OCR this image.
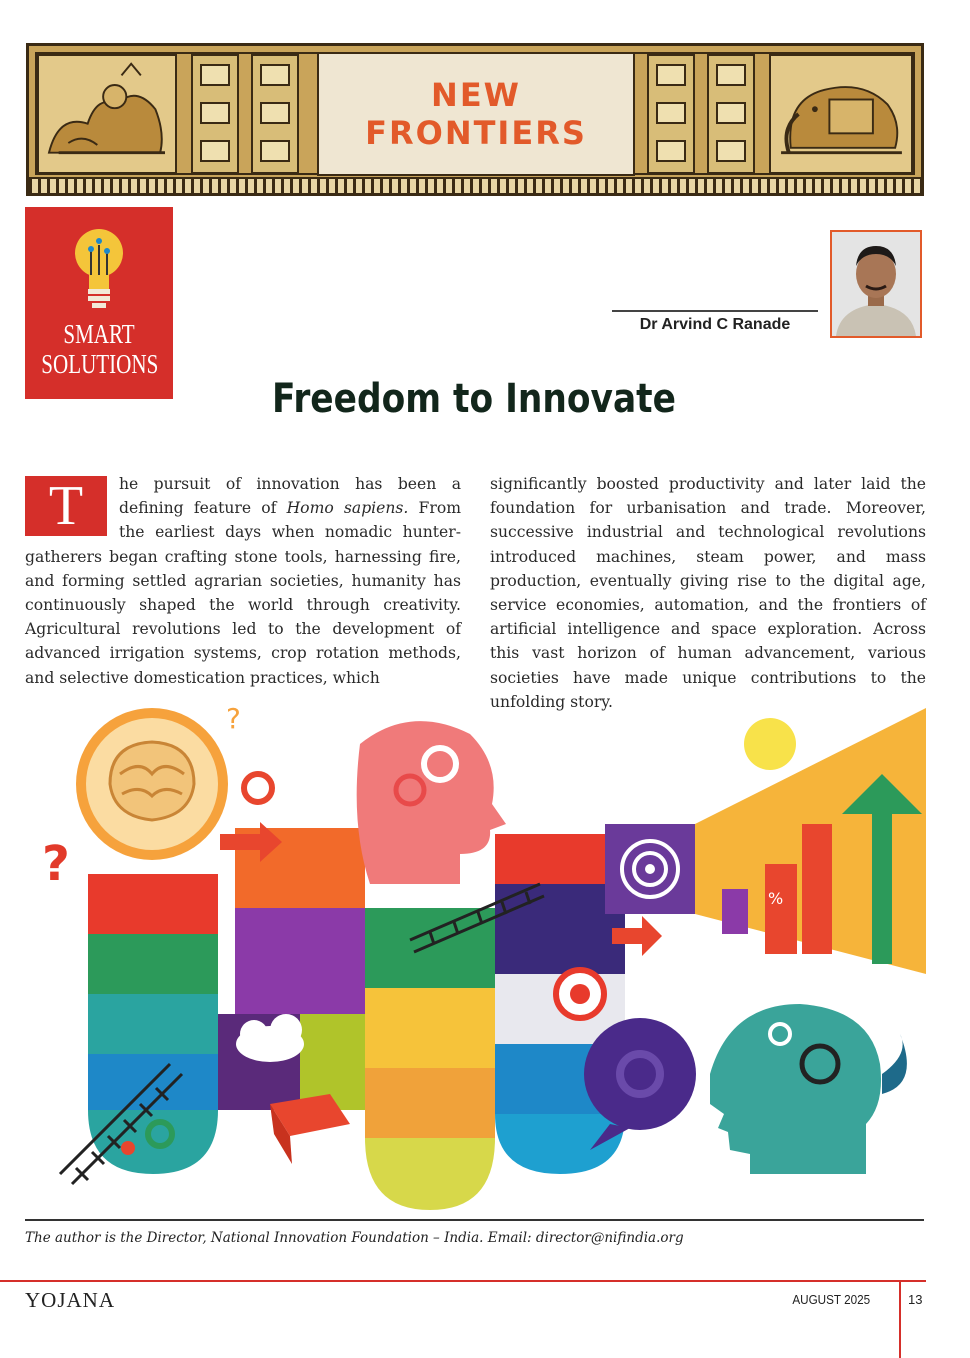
NEW
FRONTIERS
SMART
SOLUTIONS
Dr Arvind C Ranade
Freedom to Innovate
T	he pursuit of innovation has been a defining feature of Homo sapiens. From the earliest days when nomadic hunter-gatherers began crafting stone tools, harnessing fire, and forming settled agrarian societies, humanity has continuously shaped the world through creativity. Agricultural revolutions led to the development of advanced irrigation systems, crop rotation methods, and selective domestication practices, which
significantly boosted productivity and later laid the foundation for urbanisation and trade. Moreover, successive industrial and technological revolutions introduced machines, steam power, and mass production, eventually giving rise to the digital age, service economies, automation, and the frontiers of artificial intelligence and space exploration. Across this vast horizon of human advancement, various societies have made unique contributions to the unfolding story.
?
?
%
The author is the Director, National Innovation Foundation – India. Email: director@nifindia.org
YOJANA	AUGUST 2025	13
